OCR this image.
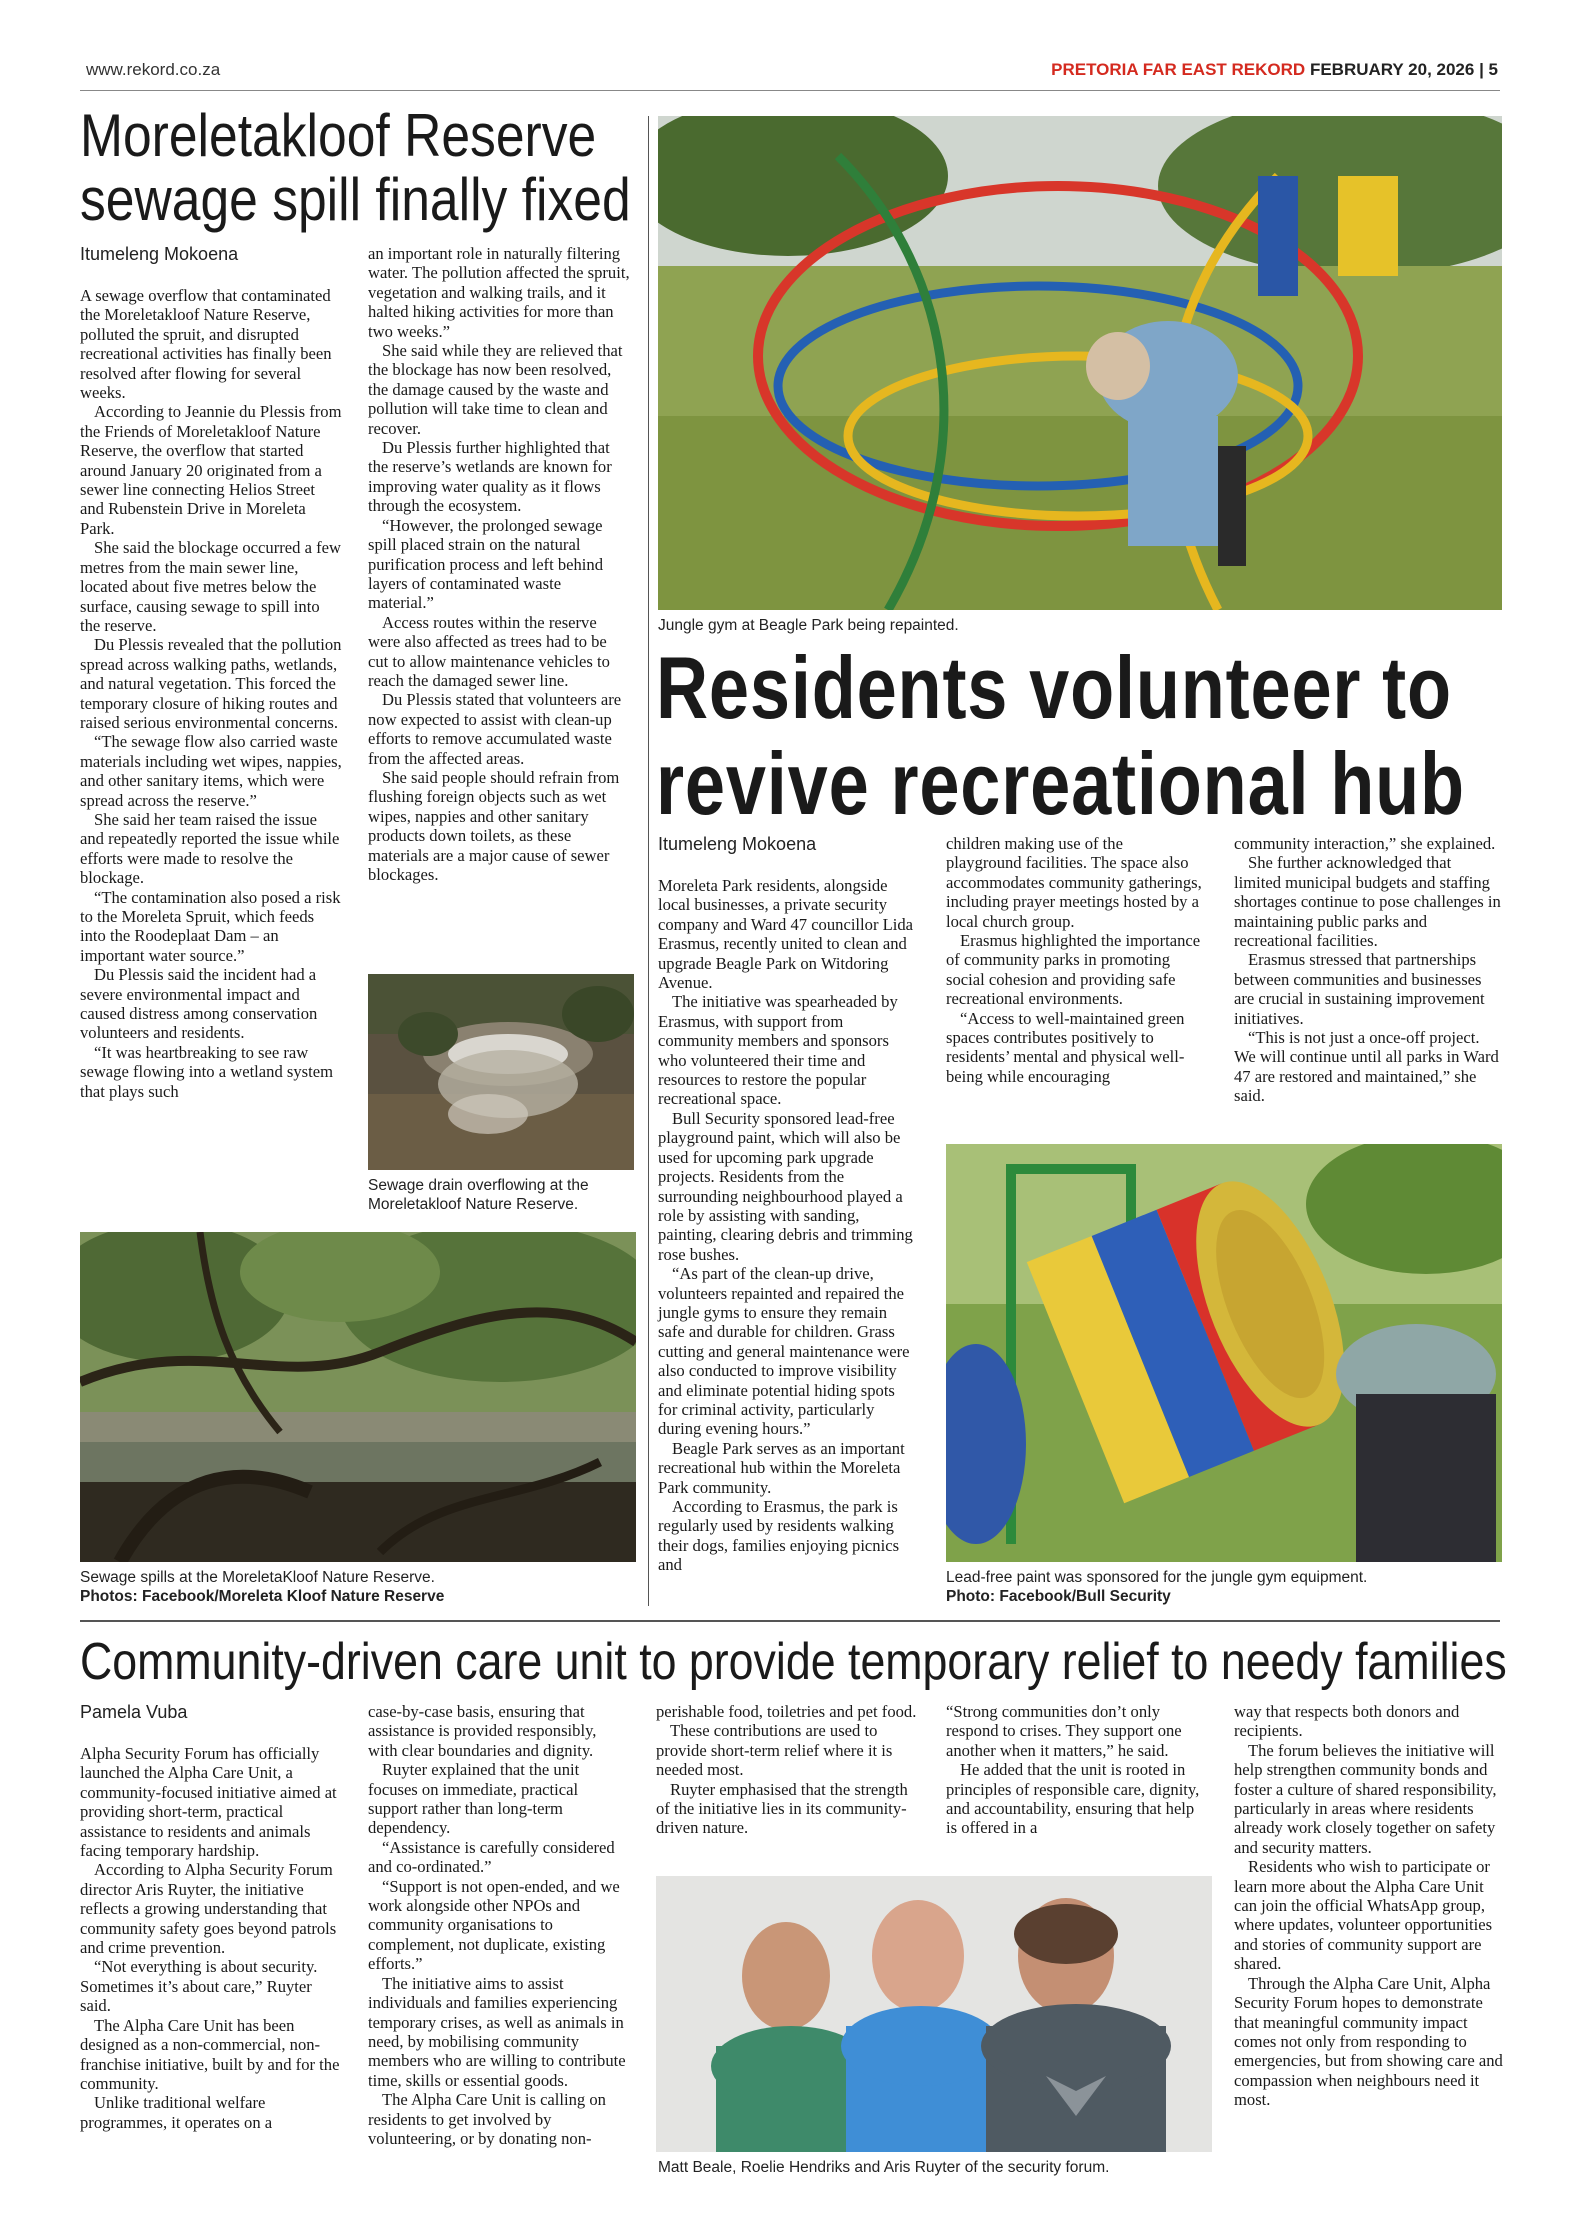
www.rekord.co.za	PRETORIA FAR EAST REKORD FEBRUARY 20, 2026 | 5
Moreletakloof Reserve
sewage spill finally fixed
Itumeleng Mokoena

A sewage overflow that contaminated the Moreletakloof Nature Reserve, polluted the spruit, and disrupted recreational activities has finally been resolved after flowing for several weeks.

According to Jeannie du Plessis from the Friends of Moreletakloof Nature Reserve, the overflow that started around January 20 originated from a sewer line connecting Helios Street and Rubenstein Drive in Moreleta Park.

She said the blockage occurred a few metres from the main sewer line, located about five metres below the surface, causing sewage to spill into the reserve.

Du Plessis revealed that the pollution spread across walking paths, wetlands, and natural vegetation. This forced the temporary closure of hiking routes and raised serious environmental concerns.

“The sewage flow also carried waste materials including wet wipes, nappies, and other sanitary items, which were spread across the reserve.”

She said her team raised the issue and repeatedly reported the issue while efforts were made to resolve the blockage.

“The contamination also posed a risk to the Moreleta Spruit, which feeds into the Roodeplaat Dam – an important water source.”

Du Plessis said the incident had a severe environmental impact and caused distress among conservation volunteers and residents.

“It was heartbreaking to see raw sewage flowing into a wetland system that plays such

an important role in naturally filtering water. The pollution affected the spruit, vegetation and walking trails, and it halted hiking activities for more than two weeks.”

She said while they are relieved that the blockage has now been resolved, the damage caused by the waste and pollution will take time to clean and recover.

Du Plessis further highlighted that the reserve’s wetlands are known for improving water quality as it flows through the ecosystem.

“However, the prolonged sewage spill placed strain on the natural purification process and left behind layers of contaminated waste material.”

Access routes within the reserve were also affected as trees had to be cut to allow maintenance vehicles to reach the damaged sewer line.

Du Plessis stated that volunteers are now expected to assist with clean-up efforts to remove accumulated waste from the affected areas.

She said people should refrain from flushing foreign objects such as wet wipes, nappies and other sanitary products down toilets, as these materials are a major cause of sewer blockages.

Sewage drain overflowing at the Moreletakloof Nature Reserve.
Sewage spills at the MoreletaKloof Nature Reserve.
Photos: Facebook/Moreleta Kloof Nature Reserve
Jungle gym at Beagle Park being repainted.
Residents volunteer to
revive recreational hub
Itumeleng Mokoena

Moreleta Park residents, alongside local businesses, a private security company and Ward 47 councillor Lida Erasmus, recently united to clean and upgrade Beagle Park on Witdoring Avenue.

The initiative was spearheaded by Erasmus, with support from community members and sponsors who volunteered their time and resources to restore the popular recreational space.

Bull Security sponsored lead-free playground paint, which will also be used for upcoming park upgrade projects. Residents from the surrounding neighbourhood played a role by assisting with sanding, painting, clearing debris and trimming rose bushes.

“As part of the clean-up drive, volunteers repainted and repaired the jungle gyms to ensure they remain safe and durable for children. Grass cutting and general maintenance were also conducted to improve visibility and eliminate potential hiding spots for criminal activity, particularly during evening hours.”

Beagle Park serves as an important recreational hub within the Moreleta Park community.

According to Erasmus, the park is regularly used by residents walking their dogs, families enjoying picnics and

children making use of the playground facilities. The space also accommodates community gatherings, including prayer meetings hosted by a local church group.

Erasmus highlighted the importance of community parks in promoting social cohesion and providing safe recreational environments.

“Access to well-maintained green spaces contributes positively to residents’ mental and physical well-being while encouraging

community interaction,” she explained.

She further acknowledged that limited municipal budgets and staffing shortages continue to pose challenges in maintaining public parks and recreational facilities.

Erasmus stressed that partnerships between communities and businesses are crucial in sustaining improvement initiatives.

“This is not just a once-off project. We will continue until all parks in Ward 47 are restored and maintained,” she said.

Lead-free paint was sponsored for the jungle gym equipment.
Photo: Facebook/Bull Security
Community-driven care unit to provide temporary relief to needy families
Pamela Vuba

Alpha Security Forum has officially launched the Alpha Care Unit, a community-focused initiative aimed at providing short-term, practical assistance to residents and animals facing temporary hardship.

According to Alpha Security Forum director Aris Ruyter, the initiative reflects a growing understanding that community safety goes beyond patrols and crime prevention.

“Not everything is about security. Sometimes it’s about care,” Ruyter said.

The Alpha Care Unit has been designed as a non-commercial, non-franchise initiative, built by and for the community.

Unlike traditional welfare programmes, it operates on a

case-by-case basis, ensuring that assistance is provided responsibly, with clear boundaries and dignity.

Ruyter explained that the unit focuses on immediate, practical support rather than long-term dependency.

“Assistance is carefully considered and co-ordinated.”

“Support is not open-ended, and we work alongside other NPOs and community organisations to complement, not duplicate, existing efforts.”

The initiative aims to assist individuals and families experiencing temporary crises, as well as animals in need, by mobilising community members who are willing to contribute time, skills or essential goods.

The Alpha Care Unit is calling on residents to get involved by volunteering, or by donating non-

perishable food, toiletries and pet food.

These contributions are used to provide short-term relief where it is needed most.

Ruyter emphasised that the strength of the initiative lies in its community-driven nature.

“Strong communities don’t only respond to crises. They support one another when it matters,” he said.

He added that the unit is rooted in principles of responsible care, dignity, and accountability, ensuring that help is offered in a

way that respects both donors and recipients.

The forum believes the initiative will help strengthen community bonds and foster a culture of shared responsibility, particularly in areas where residents already work closely together on safety and security matters.

Residents who wish to participate or learn more about the Alpha Care Unit can join the official WhatsApp group, where updates, volunteer opportunities and stories of community support are shared.

Through the Alpha Care Unit, Alpha Security Forum hopes to demonstrate that meaningful community impact comes not only from responding to emergencies, but from showing care and compassion when neighbours need it most.

Matt Beale, Roelie Hendriks and Aris Ruyter of the security forum.
